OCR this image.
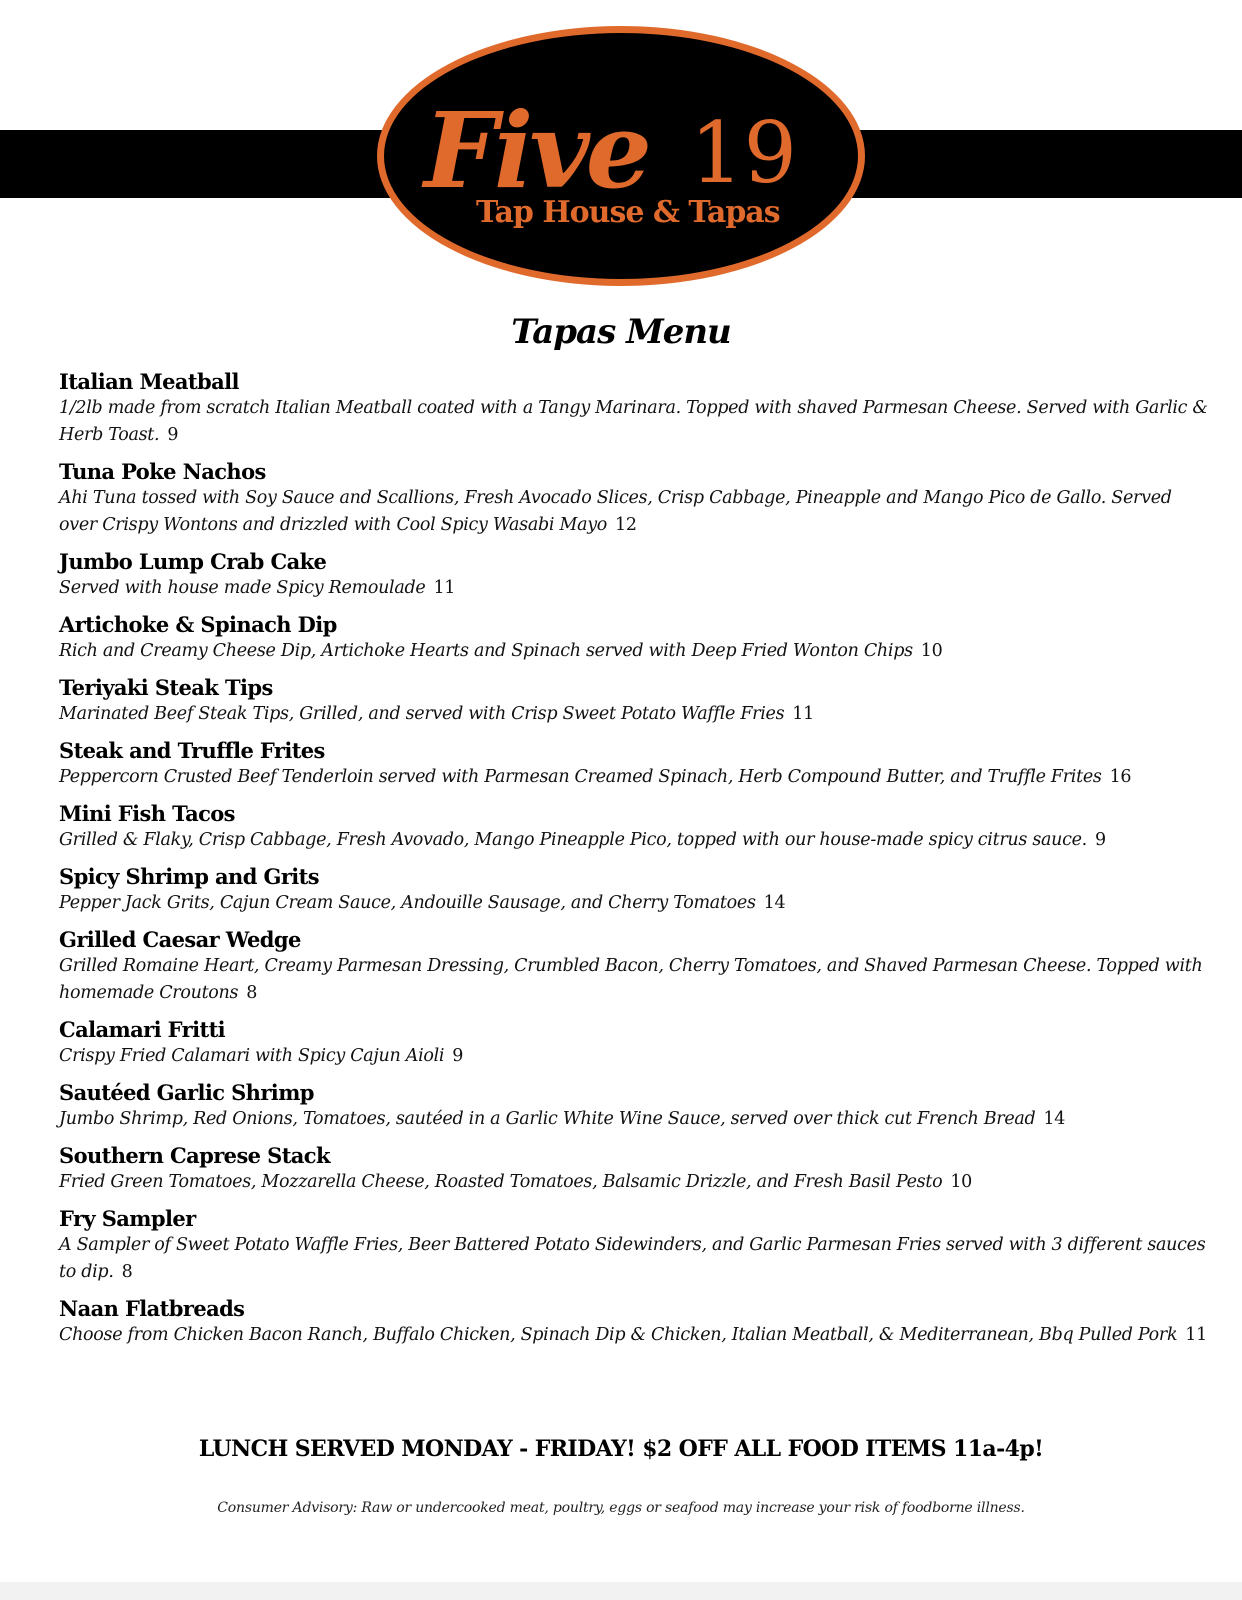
Five 19
Tap House & Tapas
Tapas Menu
Italian Meatball
1/2lb made from scratch Italian Meatball coated with a Tangy Marinara. Topped with shaved Parmesan Cheese. Served with Garlic & Herb Toast. 9
Tuna Poke Nachos
Ahi Tuna tossed with Soy Sauce and Scallions, Fresh Avocado Slices, Crisp Cabbage, Pineapple and Mango Pico de Gallo. Served over Crispy Wontons and drizzled with Cool Spicy Wasabi Mayo 12
Jumbo Lump Crab Cake
Served with house made Spicy Remoulade 11
Artichoke & Spinach Dip
Rich and Creamy Cheese Dip, Artichoke Hearts and Spinach served with Deep Fried Wonton Chips 10
Teriyaki Steak Tips
Marinated Beef Steak Tips, Grilled, and served with Crisp Sweet Potato Waffle Fries 11
Steak and Truffle Frites
Peppercorn Crusted Beef Tenderloin served with Parmesan Creamed Spinach, Herb Compound Butter, and Truffle Frites 16
Mini Fish Tacos
Grilled & Flaky, Crisp Cabbage, Fresh Avovado, Mango Pineapple Pico, topped with our house-made spicy citrus sauce. 9
Spicy Shrimp and Grits
Pepper Jack Grits, Cajun Cream Sauce, Andouille Sausage, and Cherry Tomatoes 14
Grilled Caesar Wedge
Grilled Romaine Heart, Creamy Parmesan Dressing, Crumbled Bacon, Cherry Tomatoes, and Shaved Parmesan Cheese. Topped with homemade Croutons 8
Calamari Fritti
Crispy Fried Calamari with Spicy Cajun Aioli 9
Sautéed Garlic Shrimp
Jumbo Shrimp, Red Onions, Tomatoes, sautéed in a Garlic White Wine Sauce, served over thick cut French Bread 14
Southern Caprese Stack
Fried Green Tomatoes, Mozzarella Cheese, Roasted Tomatoes, Balsamic Drizzle, and Fresh Basil Pesto 10
Fry Sampler
A Sampler of Sweet Potato Waffle Fries, Beer Battered Potato Sidewinders, and Garlic Parmesan Fries served with 3 different sauces to dip. 8
Naan Flatbreads
Choose from Chicken Bacon Ranch, Buffalo Chicken, Spinach Dip & Chicken, Italian Meatball, & Mediterranean, Bbq Pulled Pork 11
LUNCH SERVED MONDAY - FRIDAY! $2 OFF ALL FOOD ITEMS 11a-4p!
Consumer Advisory: Raw or undercooked meat, poultry, eggs or seafood may increase your risk of foodborne illness.
